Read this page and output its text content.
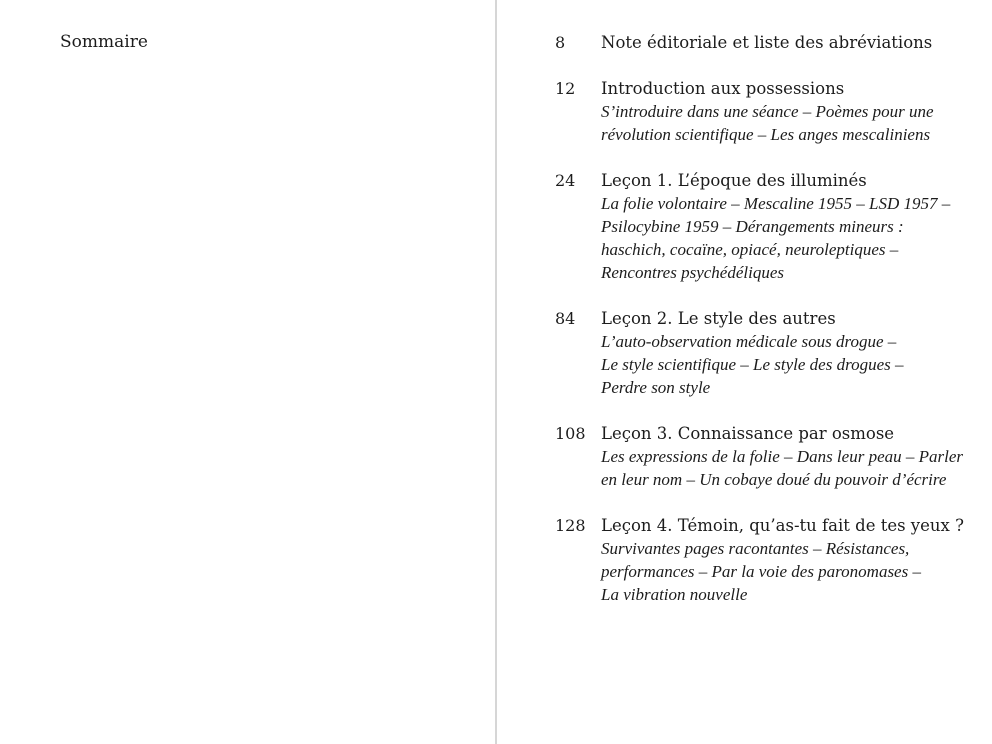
Sommaire	8 Note éditoriale et liste des abréviations
12 Introduction aux possessions
S’introduire dans une séance – Poèmes pour une
révolution scientifique – Les anges mescaliniens
24 Leçon 1. L’époque des illuminés
La folie volontaire – Mescaline 1955 – LSD 1957 –
Psilocybine 1959 – Dérangements mineurs :
haschich, cocaïne, opiacé, neuroleptiques –
Rencontres psychédéliques
84 Leçon 2. Le style des autres
L’auto-observation médicale sous drogue –
Le style scientifique – Le style des drogues –
Perdre son style
108 Leçon 3. Connaissance par osmose
Les expressions de la folie – Dans leur peau – Parler
en leur nom – Un cobaye doué du pouvoir d’écrire
128 Leçon 4. Témoin, qu’as-tu fait de tes yeux ?
Survivantes pages racontantes – Résistances,
performances – Par la voie des paronomases –
La vibration nouvelle
